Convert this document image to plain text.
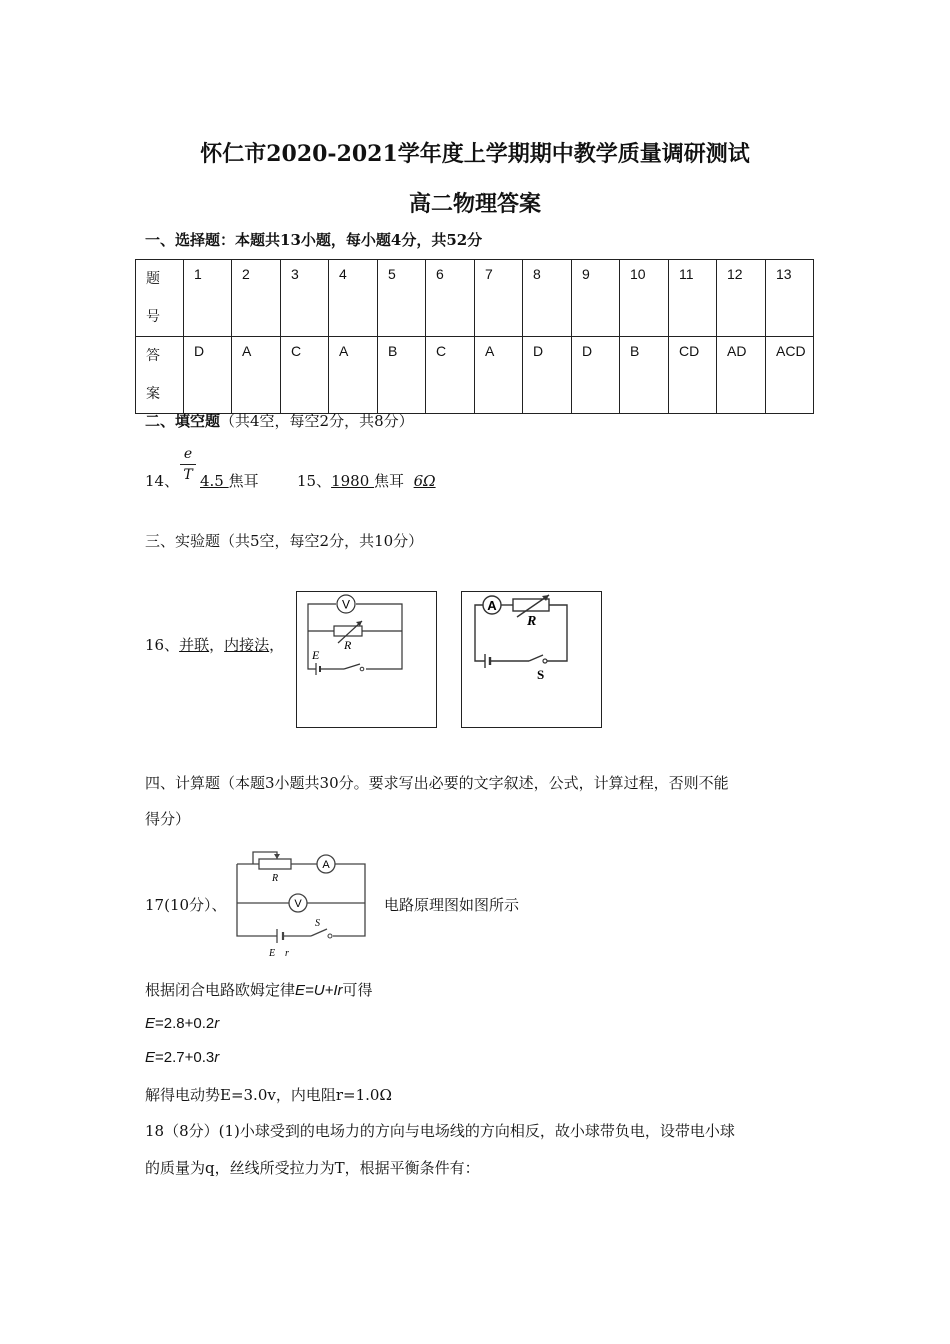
怀仁市2020-2021学年度上学期期中教学质量调研测试
高二物理答案
一、选择题：本题共13小题，每小题4分，共52分
题
号	1	2	3	4	5	6	7	8	9	10	11	12	13
答
案	D	A	C	A	B	C	A	D	D	B	CD	AD	ACD
二、填空题（共4空，每空2分，共8分）
14、 $\frac{e}{T} 4.5$ 焦耳	15、1980 焦耳 6Ω
三、实验题（共5空，每空2分，共10分）
16、并联，内接法，
V
R
E
A
R
S
四、计算题（本题3小题共30分。要求写出必要的文字叙述，公式，计算过程，否则不能
得分）
17(10分）、
R
A
V
E r
S
电路原理图如图所示
根据闭合电路欧姆定律E=U+Ir可得
E=2.8+0.2r
E=2.7+0.3r
解得电动势E=3.0v，内电阻r=1.0Ω
18（8分）(1)小球受到的电场力的方向与电场线的方向相反，故小球带负电，设带电小球
的质量为q，丝线所受拉力为T，根据平衡条件有：
